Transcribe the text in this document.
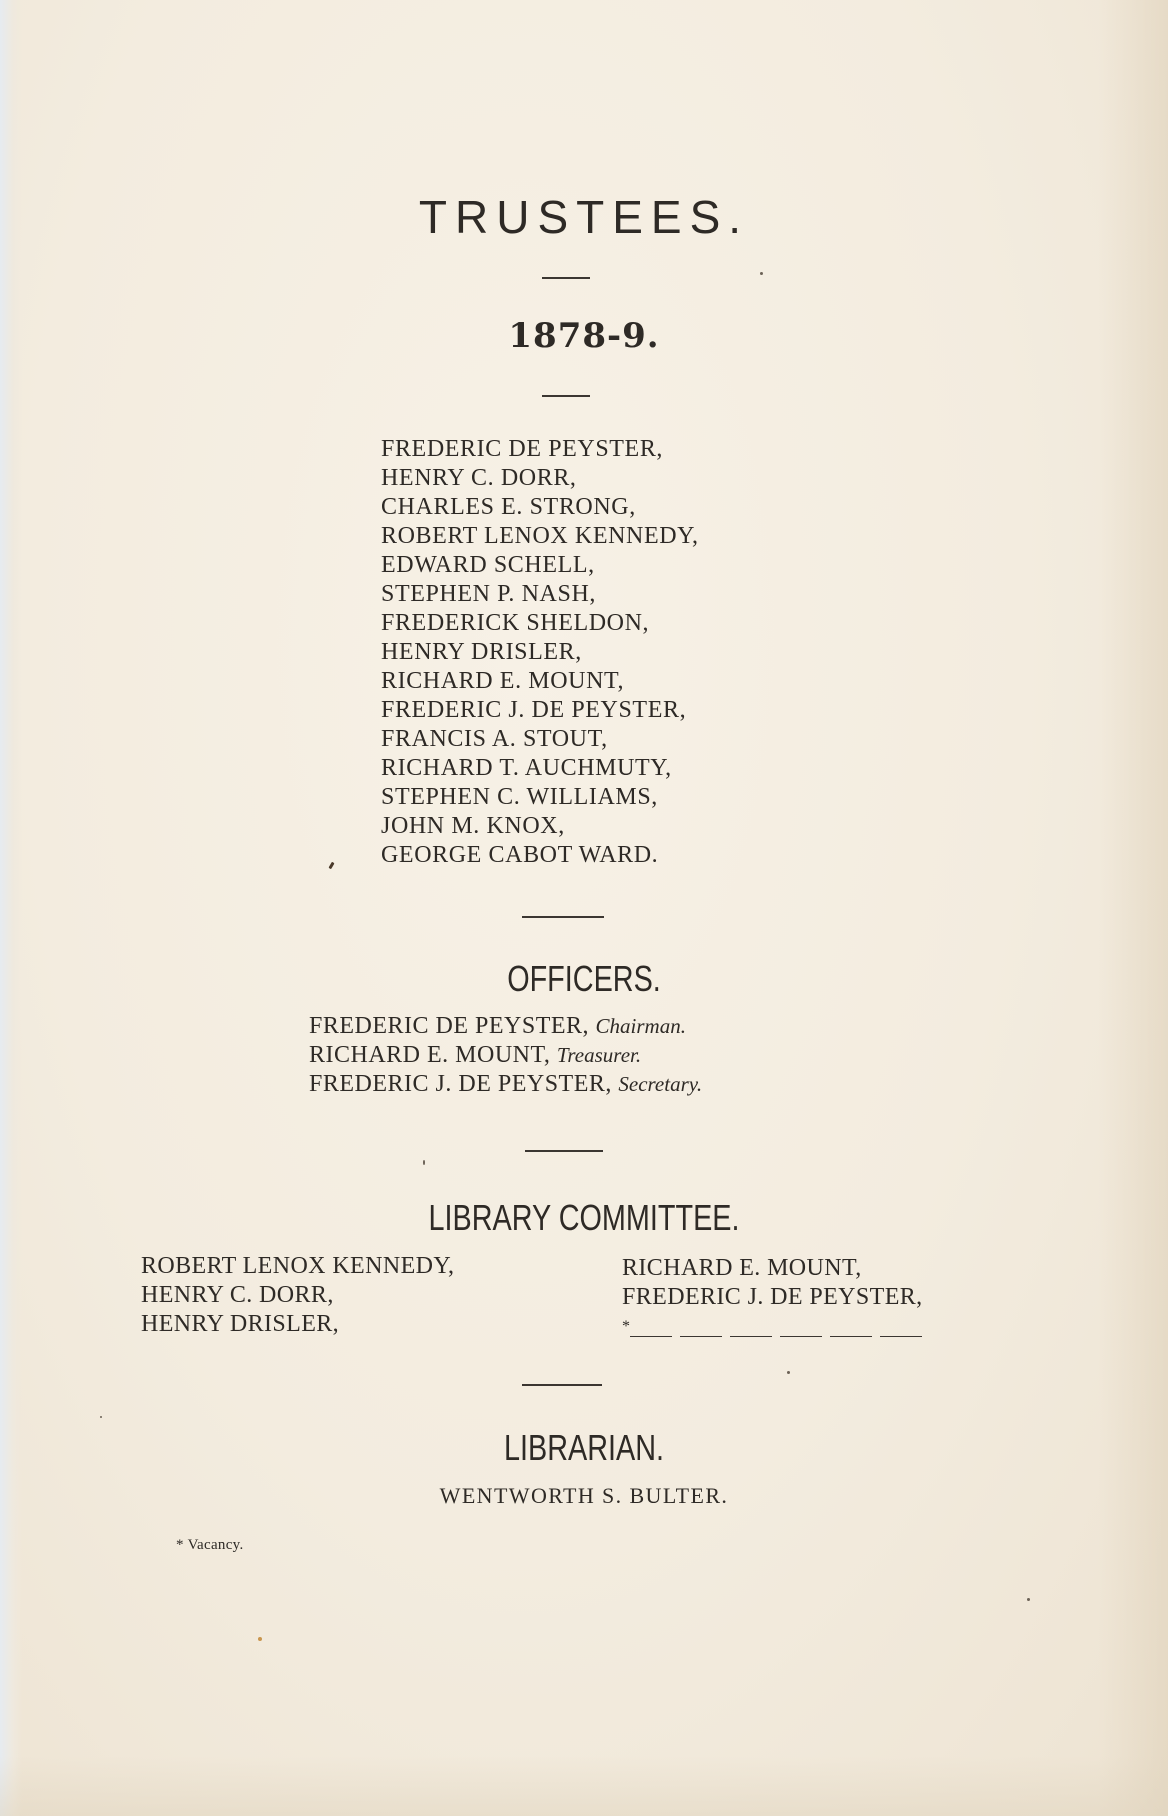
TRUSTEES.
1878-9.
FREDERIC DE PEYSTER,
HENRY C. DORR,
CHARLES E. STRONG,
ROBERT LENOX KENNEDY,
EDWARD SCHELL,
STEPHEN P. NASH,
FREDERICK SHELDON,
HENRY DRISLER,
RICHARD E. MOUNT,
FREDERIC J. DE PEYSTER,
FRANCIS A. STOUT,
RICHARD T. AUCHMUTY,
STEPHEN C. WILLIAMS,
JOHN M. KNOX,
GEORGE CABOT WARD.
OFFICERS.
FREDERIC DE PEYSTER, Chairman.
RICHARD E. MOUNT, Treasurer.
FREDERIC J. DE PEYSTER, Secretary.
LIBRARY COMMITTEE.
ROBERT LENOX KENNEDY,
HENRY C. DORR,
HENRY DRISLER,
RICHARD E. MOUNT,
FREDERIC J. DE PEYSTER,
*
LIBRARIAN.

WENTWORTH S. BULTER.

* Vacancy.
